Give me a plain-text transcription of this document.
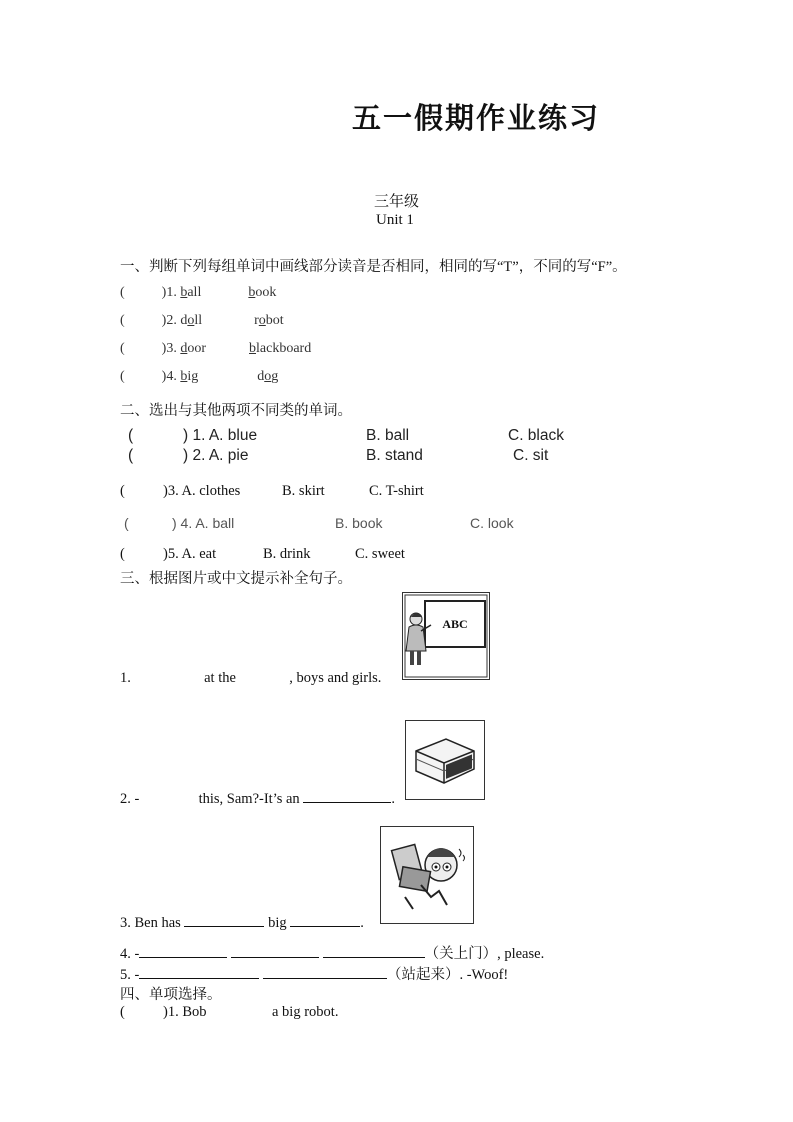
五一假期作业练习
三年级
Unit 1
一、判断下列每组单词中画线部分读音是否相同，相同的写“T”，不同的写“F”。
(	)1. ball	book
(	)2. doll	robot
(	)3. door	blackboard
(	)4. big	dog
二、选出与其他两项不同类的单词。
(	) 1. A. blue	B. ball	C. black
(	) 2. A. pie	B. stand	C. sit
(	)3. A. clothes	B. skirt	C. T-shirt
(	) 4. A. ball	B. book	C. look
(	)5. A. eat	B. drink	C. sweet
三、根据图片或中文提示补全句子。
ABC
1.	at the	, boys and girls.
2. -	this, Sam?-It’s an	.
3. Ben has	big	.
4. -	（关上门）, please.
5. -	（站起来）. -Woof!
四、单项选择。
(	)1. Bob	a big robot.
